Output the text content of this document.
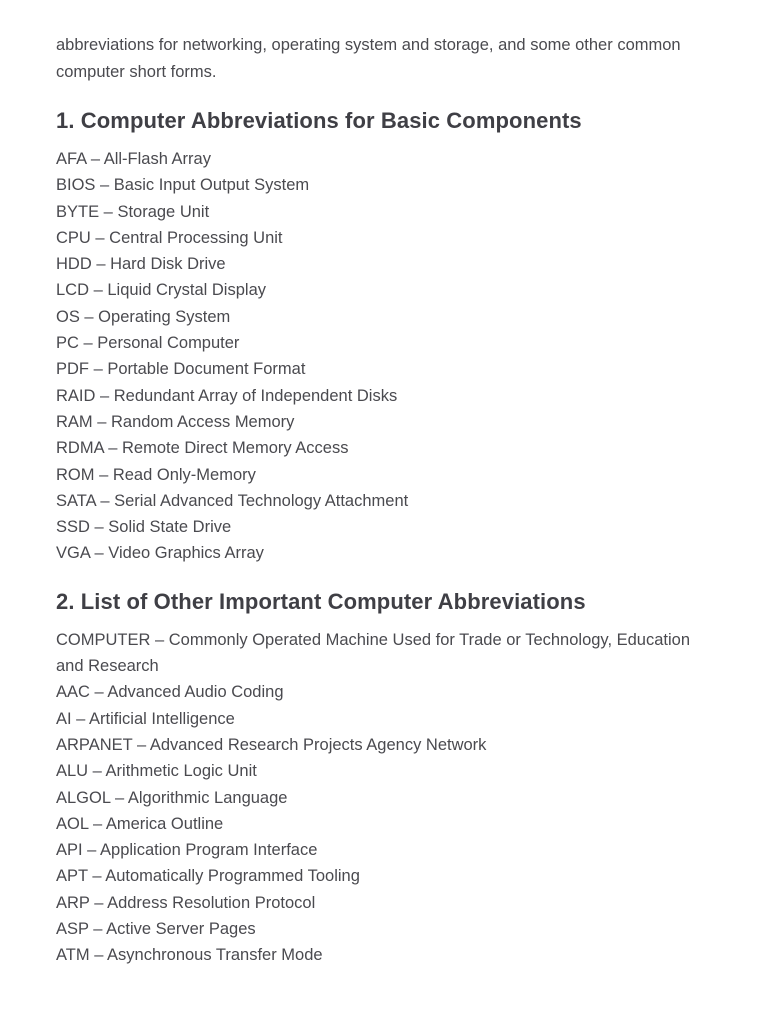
abbreviations for networking, operating system and storage, and some other common computer short forms.

1. Computer Abbreviations for Basic Components
AFA – All-Flash Array
BIOS – Basic Input Output System
BYTE – Storage Unit
CPU – Central Processing Unit
HDD – Hard Disk Drive
LCD – Liquid Crystal Display
OS – Operating System
PC – Personal Computer
PDF – Portable Document Format
RAID – Redundant Array of Independent Disks
RAM – Random Access Memory
RDMA – Remote Direct Memory Access
ROM – Read Only-Memory
SATA – Serial Advanced Technology Attachment
SSD – Solid State Drive
VGA – Video Graphics Array
2. List of Other Important Computer Abbreviations
COMPUTER – Commonly Operated Machine Used for Trade or Technology, Education and Research
AAC – Advanced Audio Coding
AI – Artificial Intelligence
ARPANET – Advanced Research Projects Agency Network
ALU – Arithmetic Logic Unit
ALGOL – Algorithmic Language
AOL – America Outline
API – Application Program Interface
APT – Automatically Programmed Tooling
ARP – Address Resolution Protocol
ASP – Active Server Pages
ATM – Asynchronous Transfer Mode
